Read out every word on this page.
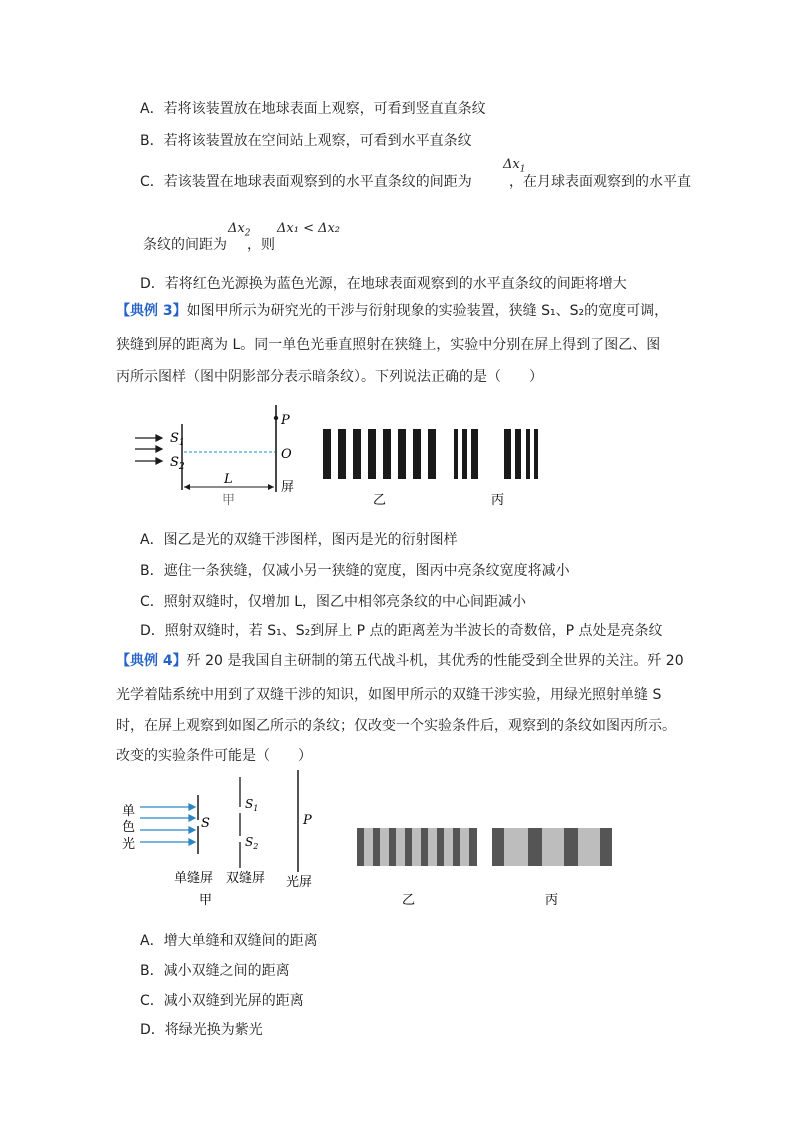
A．若将该装置放在地球表面上观察，可看到竖直直条纹
B．若将该装置放在空间站上观察，可看到水平直条纹
C．若该装置在地球表面观察到的水平直条纹的间距为
$\Delta x_1$
，在月球表面观察到的水平直
条纹的间距为
$\Delta x_2$
，则
Δx₁ < Δx₂
D．若将红色光源换为蓝色光源，在地球表面观察到的水平直条纹的间距将增大
【典例 3】如图甲所示为研究光的干涉与衍射现象的实验装置，狭缝 S₁、S₂的宽度可调，
狭缝到屏的距离为 L。同一单色光垂直照射在狭缝上，实验中分别在屏上得到了图乙、图
丙所示图样（图中阴影部分表示暗条纹）。下列说法正确的是（　　）
$S_1$
$S_2$
P
O
L
屏
甲	乙	丙
A．图乙是光的双缝干涉图样，图丙是光的衍射图样
B．遮住一条狭缝，仅减小另一狭缝的宽度，图丙中亮条纹宽度将减小
C．照射双缝时，仅增加 L，图乙中相邻亮条纹的中心间距减小
D．照射双缝时，若 S₁、S₂到屏上 P 点的距离差为半波长的奇数倍，P 点处是亮条纹
【典例 4】歼 20 是我国自主研制的第五代战斗机，其优秀的性能受到全世界的关注。歼 20
光学着陆系统中用到了双缝干涉的知识，如图甲所示的双缝干涉实验，用绿光照射单缝 S
时，在屏上观察到如图乙所示的条纹；仅改变一个实验条件后，观察到的条纹如图丙所示。
改变的实验条件可能是（　　）
单
色
光
S
$S_1$
$S_2$
P
单缝屏 双缝屏 光屏
甲	乙	丙
A．增大单缝和双缝间的距离
B．减小双缝之间的距离
C．减小双缝到光屏的距离
D．将绿光换为紫光
